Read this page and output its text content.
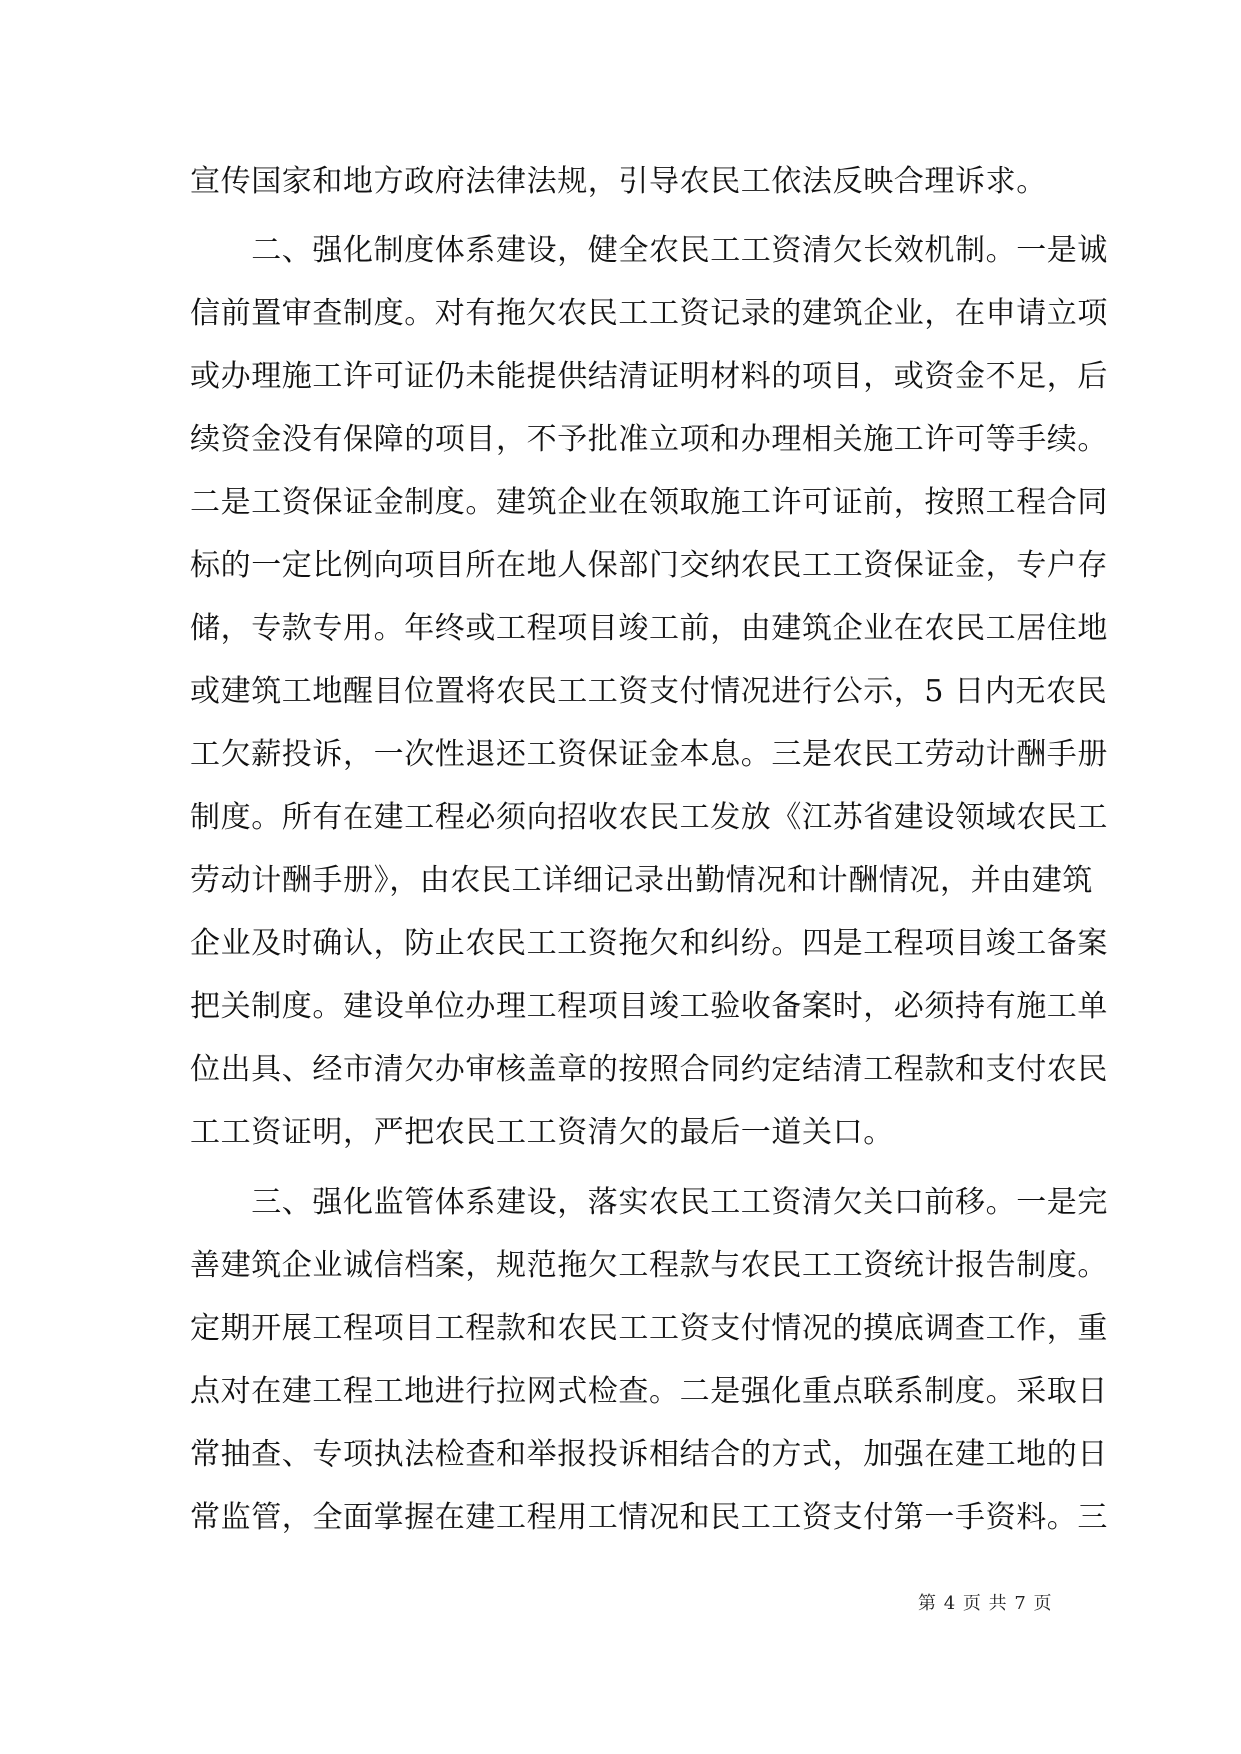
宣传国家和地方政府法律法规，引导农民工依法反映合理诉求。
　　二、强化制度体系建设，健全农民工工资清欠长效机制。一是诚
信前置审查制度。对有拖欠农民工工资记录的建筑企业，在申请立项
或办理施工许可证仍未能提供结清证明材料的项目，或资金不足，后
续资金没有保障的项目，不予批准立项和办理相关施工许可等手续。
二是工资保证金制度。建筑企业在领取施工许可证前，按照工程合同
标的一定比例向项目所在地人保部门交纳农民工工资保证金，专户存
储，专款专用。年终或工程项目竣工前，由建筑企业在农民工居住地
或建筑工地醒目位置将农民工工资支付情况进行公示，5 日内无农民
工欠薪投诉，一次性退还工资保证金本息。三是农民工劳动计酬手册
制度。所有在建工程必须向招收农民工发放《江苏省建设领域农民工
劳动计酬手册》，由农民工详细记录出勤情况和计酬情况，并由建筑
企业及时确认，防止农民工工资拖欠和纠纷。四是工程项目竣工备案
把关制度。建设单位办理工程项目竣工验收备案时，必须持有施工单
位出具、经市清欠办审核盖章的按照合同约定结清工程款和支付农民
工工资证明，严把农民工工资清欠的最后一道关口。
　　三、强化监管体系建设，落实农民工工资清欠关口前移。一是完
善建筑企业诚信档案，规范拖欠工程款与农民工工资统计报告制度。
定期开展工程项目工程款和农民工工资支付情况的摸底调查工作，重
点对在建工程工地进行拉网式检查。二是强化重点联系制度。采取日
常抽查、专项执法检查和举报投诉相结合的方式，加强在建工地的日
常监管，全面掌握在建工程用工情况和民工工资支付第一手资料。三
第 4 页 共 7 页
